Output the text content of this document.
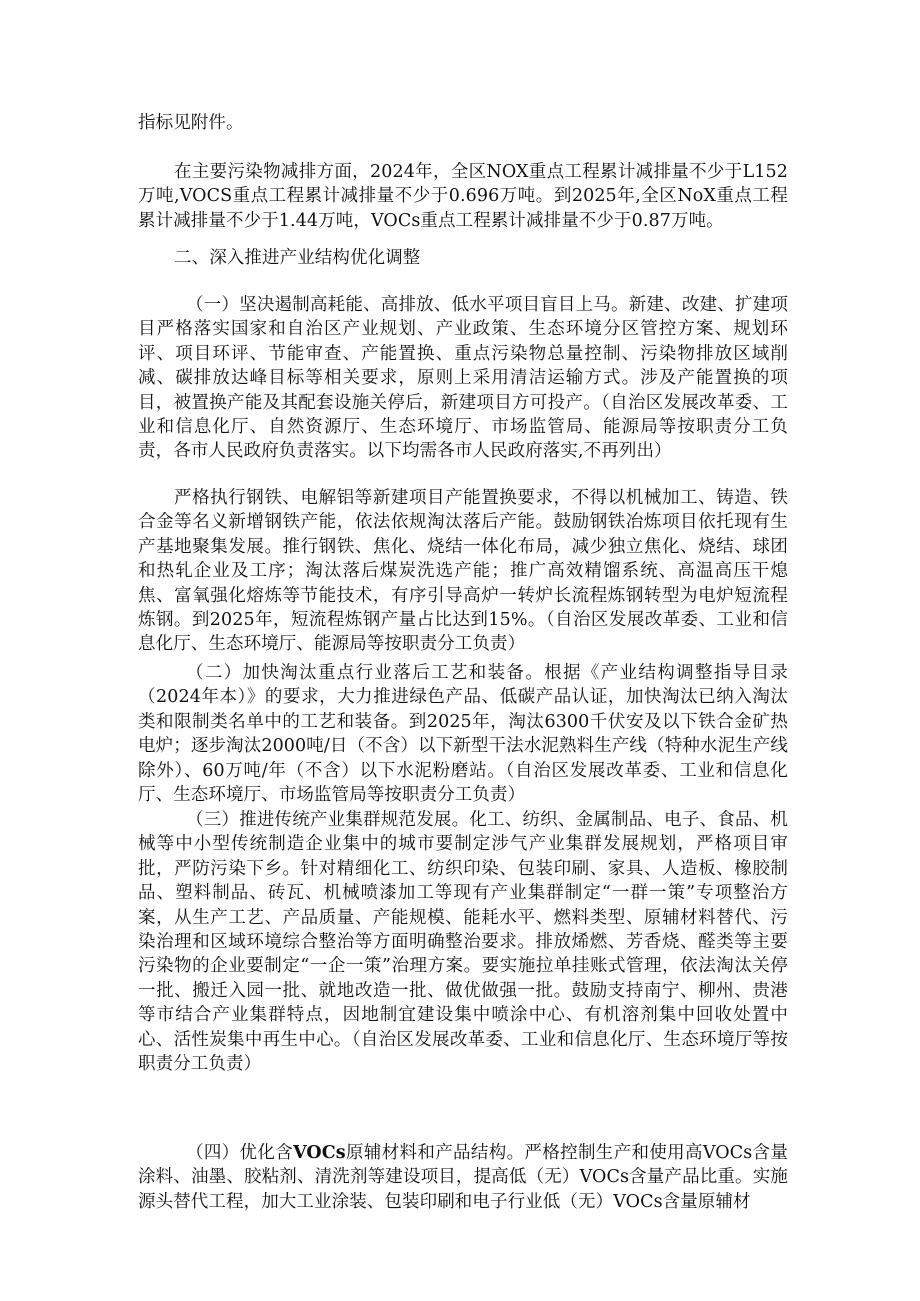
指标见附件。

在主要污染物减排方面，2024年，全区NOX重点工程累计减排量不少于L152万吨,VOCS重点工程累计减排量不少于0.696万吨。到2025年,全区NoX重点工程累计减排量不少于1.44万吨，VOCs重点工程累计减排量不少于0.87万吨。

二、深入推进产业结构优化调整

（一）坚决遏制高耗能、高排放、低水平项目盲目上马。新建、改建、扩建项目严格落实国家和自治区产业规划、产业政策、生态环境分区管控方案、规划环评、项目环评、节能审查、产能置换、重点污染物总量控制、污染物排放区域削减、碳排放达峰目标等相关要求，原则上采用清洁运输方式。涉及产能置换的项目，被置换产能及其配套设施关停后，新建项目方可投产。（自治区发展改革委、工业和信息化厅、自然资源厅、生态环境厅、市场监管局、能源局等按职责分工负责，各市人民政府负责落实。以下均需各市人民政府落实,不再列出）

严格执行钢铁、电解铝等新建项目产能置换要求，不得以机械加工、铸造、铁合金等名义新增钢铁产能，依法依规淘汰落后产能。鼓励钢铁冶炼项目依托现有生产基地聚集发展。推行钢铁、焦化、烧结一体化布局，减少独立焦化、烧结、球团和热轧企业及工序；淘汰落后煤炭洗选产能；推广高效精馏系统、高温高压干熄焦、富氧强化熔炼等节能技术，有序引导高炉一转炉长流程炼钢转型为电炉短流程炼钢。到2025年，短流程炼钢产量占比达到15%。（自治区发展改革委、工业和信息化厅、生态环境厅、能源局等按职责分工负责）

（二）加快淘汰重点行业落后工艺和装备。根据《产业结构调整指导目录（2024年本）》的要求，大力推进绿色产品、低碳产品认证，加快淘汰已纳入淘汰类和限制类名单中的工艺和装备。到2025年，淘汰6300千伏安及以下铁合金矿热电炉；逐步淘汰2000吨/日（不含）以下新型干法水泥熟料生产线（特种水泥生产线除外）、60万吨/年（不含）以下水泥粉磨站。（自治区发展改革委、工业和信息化厅、生态环境厅、市场监管局等按职责分工负责）

（三）推进传统产业集群规范发展。化工、纺织、金属制品、电子、食品、机械等中小型传统制造企业集中的城市要制定涉气产业集群发展规划，严格项目审批，严防污染下乡。针对精细化工、纺织印染、包装印刷、家具、人造板、橡胶制品、塑料制品、砖瓦、机械喷漆加工等现有产业集群制定“一群一策”专项整治方案，从生产工艺、产品质量、产能规模、能耗水平、燃料类型、原辅材料替代、污染治理和区域环境综合整治等方面明确整治要求。排放烯燃、芳香烧、醛类等主要污染物的企业要制定“一企一策”治理方案。要实施拉单挂账式管理，依法淘汰关停一批、搬迁入园一批、就地改造一批、做优做强一批。鼓励支持南宁、柳州、贵港等市结合产业集群特点，因地制宜建设集中喷涂中心、有机溶剂集中回收处置中心、活性炭集中再生中心。（自治区发展改革委、工业和信息化厅、生态环境厅等按职责分工负责）

（四）优化含VOCs原辅材料和产品结构。严格控制生产和使用高VOCs含量涂料、油墨、胶粘剂、清洗剂等建设项目，提高低（无）VOCs含量产品比重。实施源头替代工程，加大工业涂装、包装印刷和电子行业低（无）VOCs含量原辅材
